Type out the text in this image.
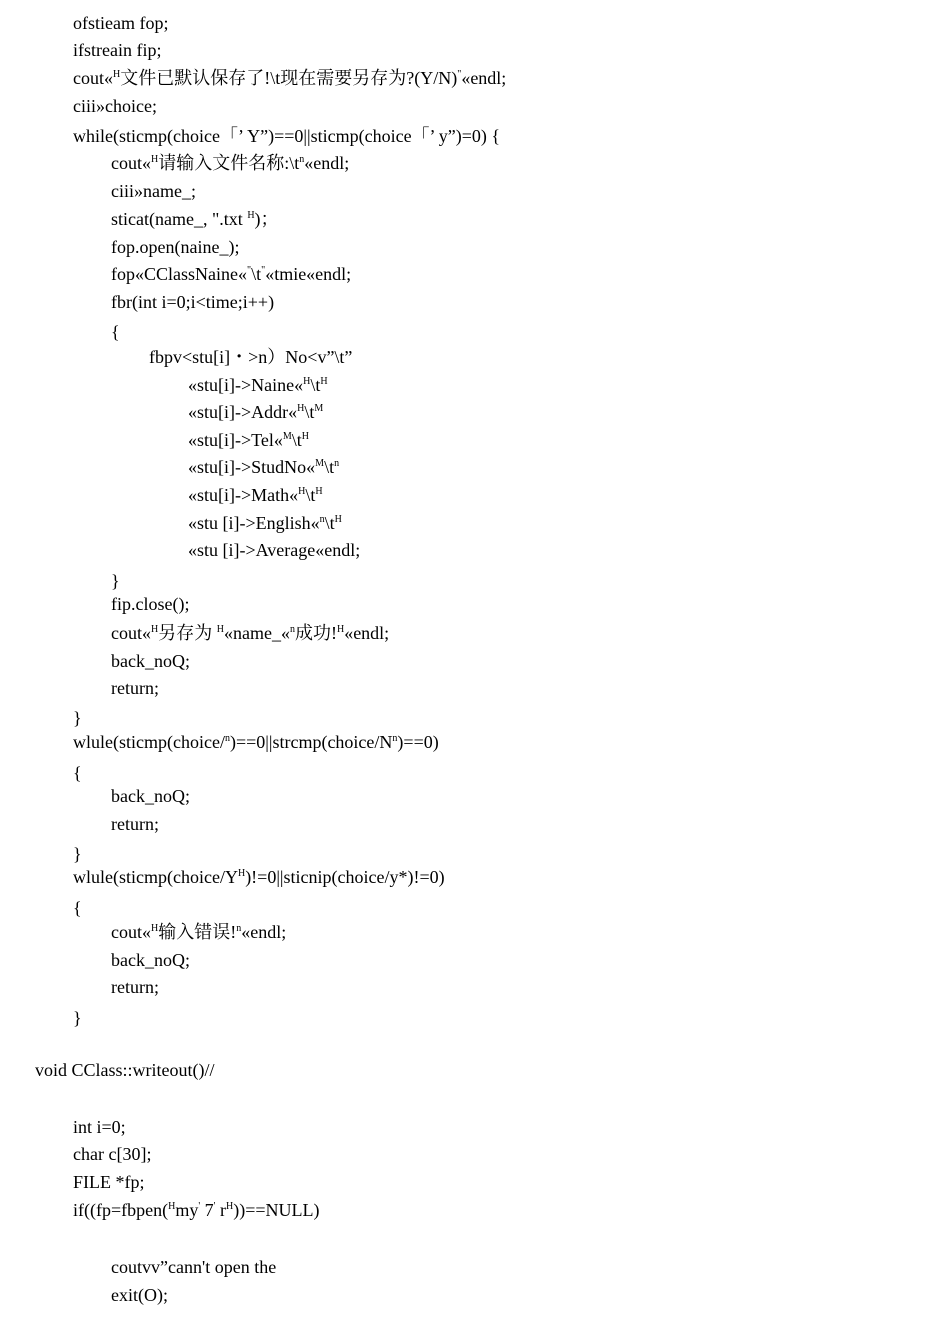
ofstieam fop;
ifstreain fip;
cout«$^H$文件已默认保存了!\t现在需要另存为?(Y/N)"«endl;
ciii»choice;
while(sticmp(choice「’ Y”)==0||sticmp(choice「’ y”)=0) {
cout«$^H$请输入文件名称$:\backslash t^n«endl$;
ciii»name_;
sticat(name_, ".txt $^H$)；
fop.open(naine_);
fop«CClassNaine«"\t"«tmie«endl;
fbr(int i=0;i<time;i++)
{
fbpv<stu[i]・>n）No<v”\t”
«$stu[i]->Naine«^H\backslash t^H$
«$stu[i]->Addr«^H\backslash t^M$
«$stu[i]->Tel«^M\backslash t^H$
«$stu[i]->StudNo«^M\backslash t^n$
«$stu[i]->Math«^H\backslash t^H$
«stu $[i]->English«^n\backslash t^H$
«stu [i]->Average«endl;
}
fip.close();
cout«$^H$另存为 $^H$«name_«$^n$成功!$^H$«endl;
back_noQ;
return;
}
$wlule(sticmp(choice/^n)==0||strcmp(choice/N^n)==0)$
{
back_noQ;
return;
}
$wlule(sticmp(choice/Y^H)!=0||sticnip(choice/y*)!=0)$
{
cout«$^H$输入错误!$^n$«endl;
back_noQ;
return;
}
void CClass::writeout()//
int i=0;
char c[30];
FILE *fp;
if((fp=fbpen($^H$my' 7' $r^H))==NULL$)
coutvv”cann't open the
exit(O);
